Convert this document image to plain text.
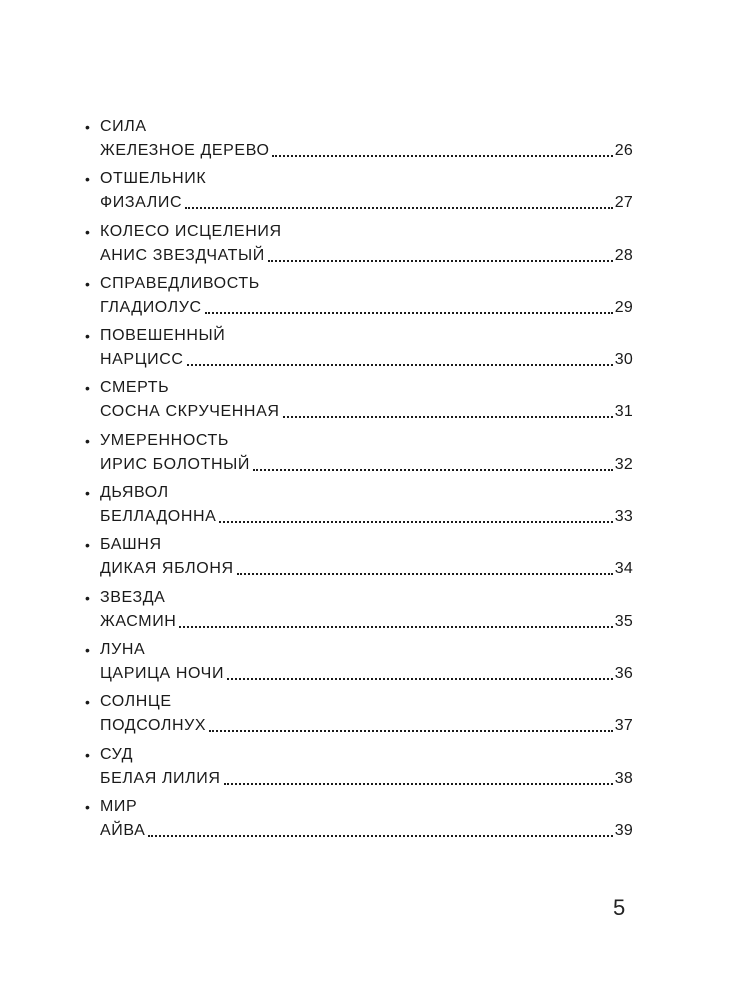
• СИЛА
ЖЕЛЕЗНОЕ ДЕРЕВО	26
• ОТШЕЛЬНИК
ФИЗАЛИС	27
• КОЛЕСО ИСЦЕЛЕНИЯ
АНИС ЗВЕЗДЧАТЫЙ	28
• СПРАВЕДЛИВОСТЬ
ГЛАДИОЛУС	29
• ПОВЕШЕННЫЙ
НАРЦИСС	30
• СМЕРТЬ
СОСНА СКРУЧЕННАЯ	31
• УМЕРЕННОСТЬ
ИРИС БОЛОТНЫЙ	32
• ДЬЯВОЛ
БЕЛЛАДОННА	33
• БАШНЯ
ДИКАЯ ЯБЛОНЯ	34
• ЗВЕЗДА
ЖАСМИН	35
• ЛУНА
ЦАРИЦА НОЧИ	36
• СОЛНЦЕ
ПОДСОЛНУХ	37
• СУД
БЕЛАЯ ЛИЛИЯ	38
• МИР
АЙВА	39
5
